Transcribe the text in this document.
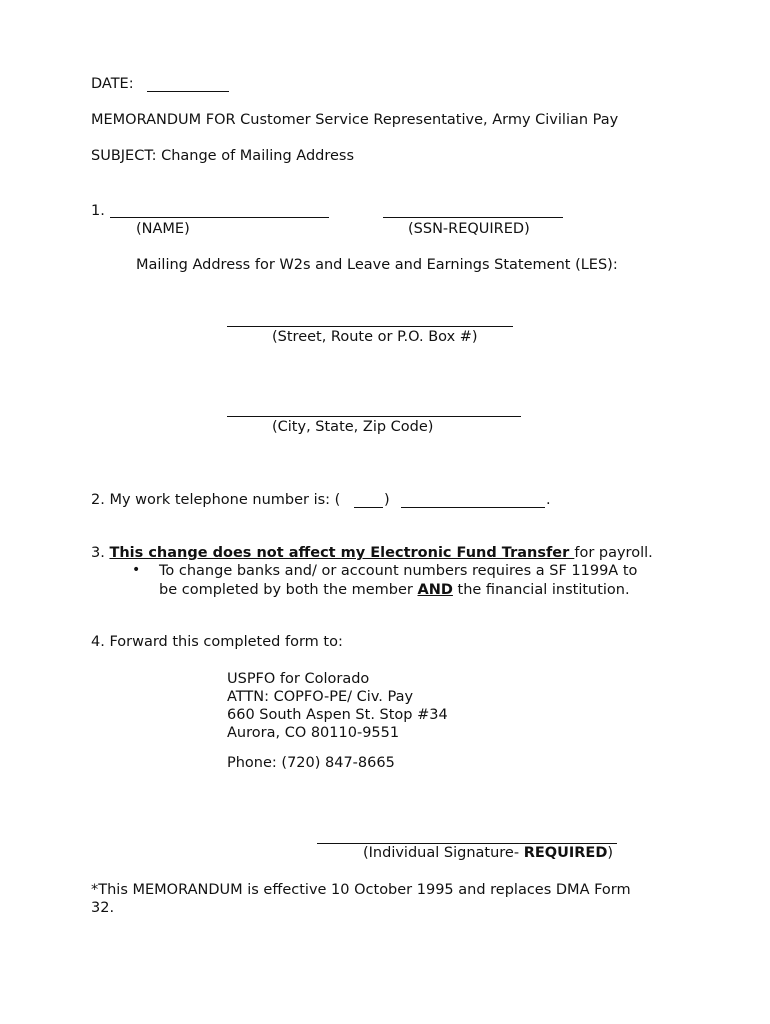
DATE:
MEMORANDUM FOR Customer Service Representative, Army Civilian Pay
SUBJECT: Change of Mailing Address
1.
(NAME)	(SSN-REQUIRED)
Mailing Address for W2s and Leave and Earnings Statement (LES):
(Street, Route or P.O. Box #)
(City, State, Zip Code)
2. My work telephone number is: (	)	.
3. This change does not affect my Electronic Fund Transfer for payroll.
• To change banks and/ or account numbers requires a SF 1199A to
be completed by both the member AND the financial institution.
4. Forward this completed form to:
USPFO for Colorado
ATTN: COPFO-PE/ Civ. Pay
660 South Aspen St. Stop #34
Aurora, CO 80110-9551
Phone: (720) 847-8665
(Individual Signature- REQUIRED)
*This MEMORANDUM is effective 10 October 1995 and replaces DMA Form
32.
